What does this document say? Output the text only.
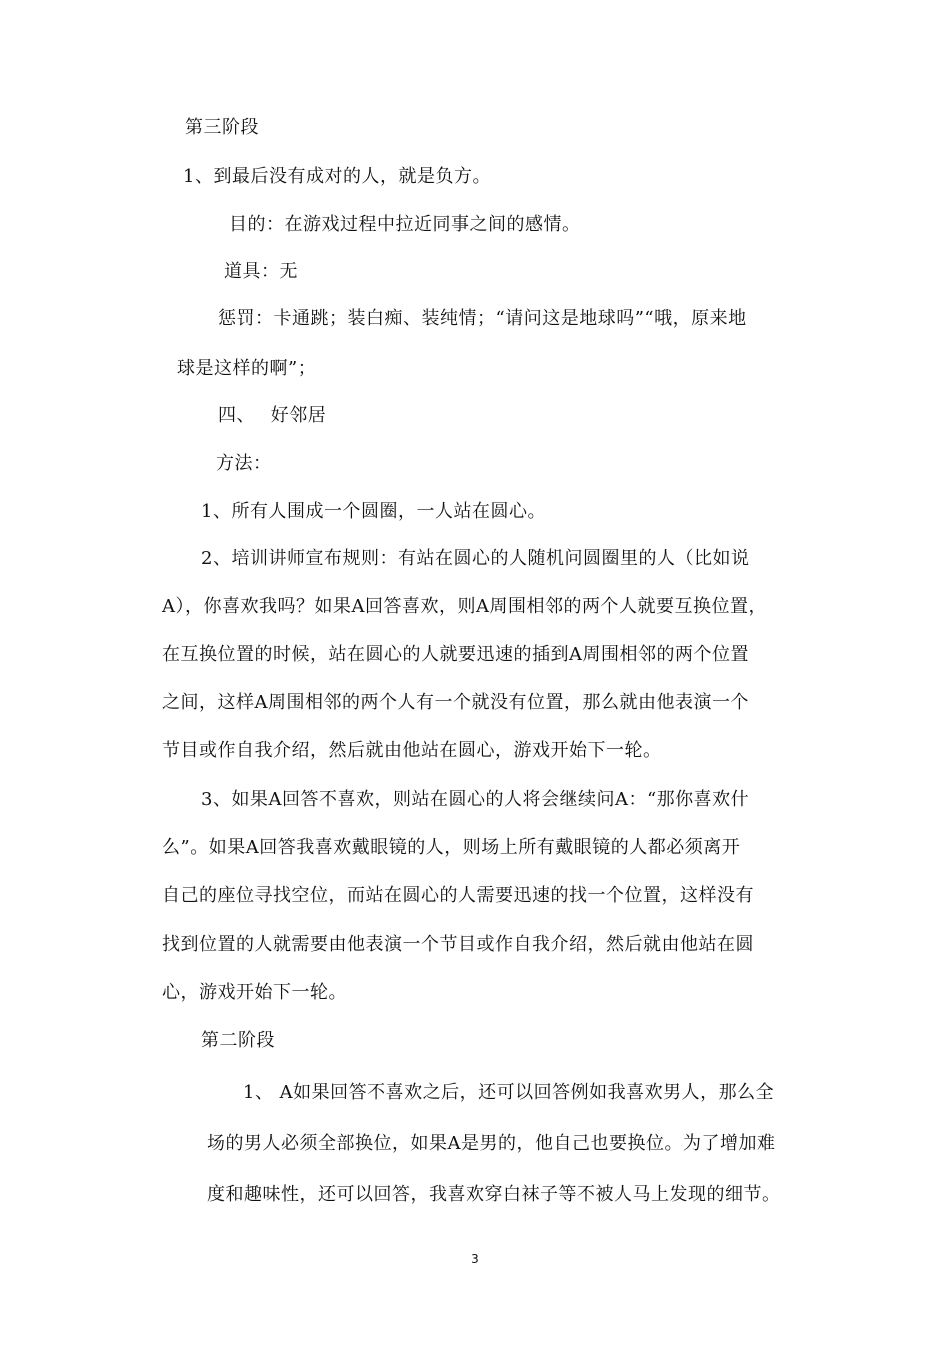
第三阶段
1、到最后没有成对的人，就是负方。
目的：在游戏过程中拉近同事之间的感情。
道具：无
惩罚：卡通跳；装白痴、装纯情；“请问这是地球吗”“哦，原来地
球是这样的啊”；
四、　 好邻居
方法：
1、所有人围成一个圆圈，一人站在圆心。
2、培训讲师宣布规则：有站在圆心的人随机问圆圈里的人（比如说
A），你喜欢我吗？如果A回答喜欢，则A周围相邻的两个人就要互换位置，
在互换位置的时候，站在圆心的人就要迅速的插到A周围相邻的两个位置
之间，这样A周围相邻的两个人有一个就没有位置，那么就由他表演一个
节目或作自我介绍，然后就由他站在圆心，游戏开始下一轮。
3、如果A回答不喜欢，则站在圆心的人将会继续问A：“那你喜欢什
么”。如果A回答我喜欢戴眼镜的人，则场上所有戴眼镜的人都必须离开
自己的座位寻找空位，而站在圆心的人需要迅速的找一个位置，这样没有
找到位置的人就需要由他表演一个节目或作自我介绍，然后就由他站在圆
心，游戏开始下一轮。
第二阶段
1、 A如果回答不喜欢之后，还可以回答例如我喜欢男人，那么全
场的男人必须全部换位，如果A是男的，他自己也要换位。为了增加难
度和趣味性，还可以回答，我喜欢穿白袜子等不被人马上发现的细节。
3
